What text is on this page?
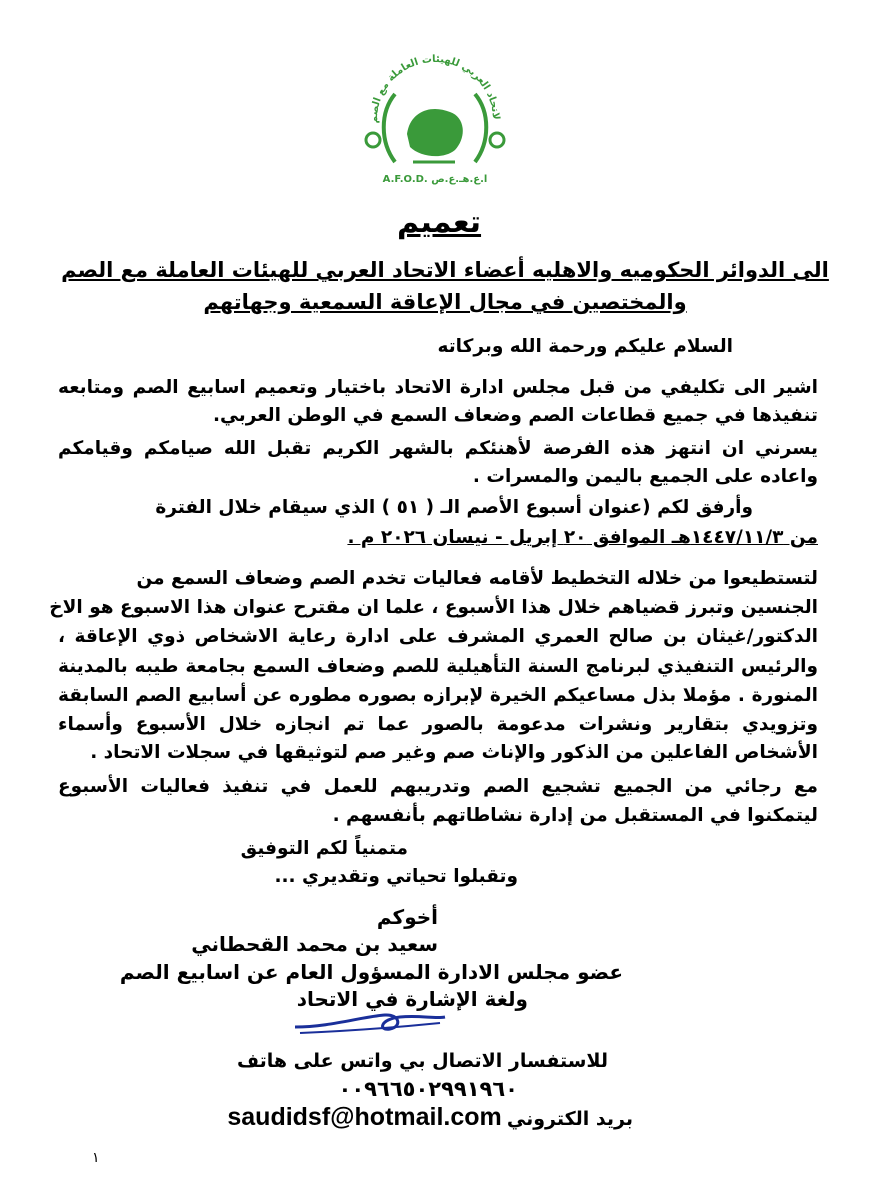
لاتحاد العربي للهيئات العاملة مع الصم
A.F.O.D. ا.ع.هـ.ع.ص
تعميم
الى الدوائر الحكوميه والاهليه أعضاء الاتحاد العربي للهيئات العاملة مع الصم
والمختصين في مجال الإعاقة السمعية وجهاتهم
السلام عليكم ورحمة الله وبركاته
اشير الى تكليفي من قبل مجلس ادارة الاتحاد باختيار وتعميم اسابيع الصم ومتابعه
تنفيذها في جميع قطاعات الصم وضعاف السمع في الوطن العربي.
يسرني ان انتهز هذه الفرصة لأهنئكم بالشهر الكريم تقبل الله صيامكم وقيامكم
واعاده على الجميع باليمن والمسرات .
وأرفق لكم (عنوان أسبوع الأصم الـ ( ٥١ ) الذي سيقام خلال الفترة
من ١٤٤٧/١١/٣هـ الموافق ٢٠ إبريل - نيسان ٢٠٢٦ م .
لتستطيعوا من خلاله التخطيط لأقامه فعاليات تخدم الصم وضعاف السمع من
الجنسين وتبرز قضياهم خلال هذا الأسبوع ، علما ان مقترح عنوان هذا الاسبوع هو الاخ
الدكتور/غيثان بن صالح العمري المشرف على ادارة رعاية الاشخاص ذوي الإعاقة ،
والرئيس التنفيذي لبرنامج السنة التأهيلية للصم وضعاف السمع بجامعة طيبه بالمدينة
المنورة . مؤملا بذل مساعيكم الخيرة لإبرازه بصوره مطوره عن أسابيع الصم السابقة
وتزويدي بتقارير ونشرات مدعومة بالصور عما تم انجازه خلال الأسبوع وأسماء
الأشخاص الفاعلين من الذكور والإناث صم وغير صم لتوثيقها في سجلات الاتحاد .
مع رجائي من الجميع تشجيع الصم وتدريبهم للعمل في تنفيذ فعاليات الأسبوع
ليتمكنوا في المستقبل من إدارة نشاطاتهم بأنفسهم .
متمنياً لكم التوفيق
وتقبلوا تحياتي وتقديري ...
أخوكم
سعيد بن محمد القحطاني
عضو مجلس الادارة المسؤول العام عن اسابيع الصم
ولغة الإشارة في الاتحاد
للاستفسار الاتصال بي واتس على هاتف
٠٠٩٦٦٥٠٢٩٩١٩٦٠
بريد الكتروني saudidsf@hotmail.com
١
